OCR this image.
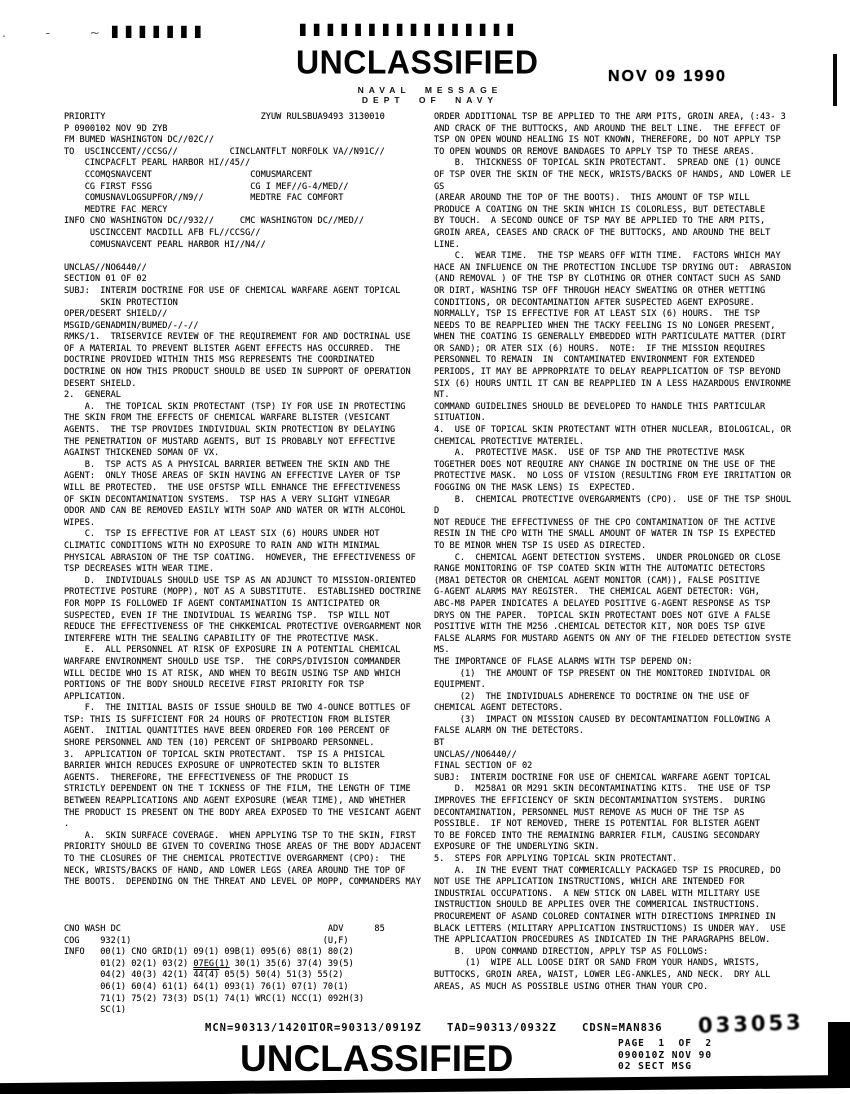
. - ~
█ █ █ █ █ █ █	█ █ █ █ █ █ █ █ █ █ █ █ █ █ █ █
UNCLASSIFIED
NAVAL MESSAGE
DEPT OF NAVY
NOV 09 1990
PRIORITY                              ZYUW RULSBUA9493 3130010
P 0900102 NOV 9D ZYB
FM BUMED WASHINGTON DC//02C//
TO  USCINCCENT//CCSG//          CINCLANTFLT NORFOLK VA//N91C//
CINCPACFLT PEARL HARBOR HI//45//
CCOMQSNAVCENT                   COMUSMARCENT
CG FIRST FSSG                   CG I MEF//G-4/MED//
COMUSNAVLOGSUPFOR//N9//         MEDTRE FAC COMFORT
MEDTRE FAC MERCY
INFO CNO WASHINGTON DC//932//     CMC WASHINGTON DC//MED//
USCINCCENT MACDILL AFB FL//CCSG//
COMUSNAVCENT PEARL HARBOR HI//N4//

UNCLAS//NO6440//
SECTION 01 OF 02
SUBJ:  INTERIM DOCTRINE FOR USE OF CHEMICAL WARFARE AGENT TOPICAL
SKIN PROTECTION
OPER/DESERT SHIELD//
MSGID/GENADMIN/BUMED/-/-//
RMKS/1.  TRISERVICE REVIEW OF THE REQUIREMENT FOR AND DOCTRINAL USE
OF A MATERIAL TO PREVENT BLISTER AGENT EFFECTS HAS OCCURRED.  THE
DOCTRINE PROVIDED WITHIN THIS MSG REPRESENTS THE COORDINATED
DOCTRINE ON HOW THIS PRODUCT SHOULD BE USED IN SUPPORT OF OPERATION
DESERT SHIELD.
2.  GENERAL
A.  THE TOPICAL SKIN PROTECTANT (TSP) IY FOR USE IN PROTECTING
THE SKIN FROM THE EFFECTS OF CHEMICAL WARFARE BLISTER (VESICANT
AGENTS.  THE TSP PROVIDES INDIVIDUAL SKIN PROTECTION BY DELAYING
THE PENETRATION OF MUSTARD AGENTS, BUT IS PROBABLY NOT EFFECTIVE
AGAINST THICKENED SOMAN OF VX.
B.  TSP ACTS AS A PHYSICAL BARRIER BETWEEN THE SKIN AND THE
AGENT:  ONLY THOSE AREAS OF SKIN HAVING AN EFFECTIVE LAYER OF TSP
WILL BE PROTECTED.  THE USE OFSTSP WILL ENHANCE THE EFFECTIVENESS
OF SKIN DECONTAMINATION SYSTEMS.  TSP HAS A VERY SLIGHT VINEGAR
ODOR AND CAN BE REMOVED EASILY WITH SOAP AND WATER OR WITH ALCOHOL
WIPES.
C.  TSP IS EFFECTIVE FOR AT LEAST SIX (6) HOURS UNDER HOT
CLIMATIC CONDITIONS WITH NO EXPOSURE TO RAIN AND WITH MINIMAL
PHYSICAL ABRASION OF THE TSP COATING.  HOWEVER, THE EFFECTIVENESS OF
TSP DECREASES WITH WEAR TIME.
D.  INDIVIDUALS SHOULD USE TSP AS AN ADJUNCT TO MISSION-ORIENTED
PROTECTIVE POSTURE (MOPP), NOT AS A SUBSTITUTE.  ESTABLISHED DOCTRINE
FOR MOPP IS FOLLOWED IF AGENT CONTAMINATION IS ANTICIPATED OR
SUSPECTED, EVEN IF THE INDIVIDUAL IS WEARING TSP.  TSP WILL NOT
REDUCE THE EFFECTIVENESS OF THE CHKKEMICAL PROTECTIVE OVERGARMENT NOR
INTERFERE WITH THE SEALING CAPABILITY OF THE PROTECTIVE MASK.
E.  ALL PERSONNEL AT RISK OF EXPOSURE IN A POTENTIAL CHEMICAL
WARFARE ENVIRONMENT SHOULD USE TSP.  THE CORPS/DIVISION COMMANDER
WILL DECIDE WHO IS AT RISK, AND WHEN TO BEGIN USING TSP AND WHICH
PORTIONS OF THE BODY SHOULD RECEIVE FIRST PRIORITY FOR TSP
APPLICATION.
F.  THE INITIAL BASIS OF ISSUE SHOULD BE TWO 4-OUNCE BOTTLES OF
TSP: THIS IS SUFFICIENT FOR 24 HOURS OF PROTECTION FROM BLISTER
AGENT.  INITIAL QUANTITIES HAVE BEEN ORDERED FOR 100 PERCENT OF
SHORE PERSONNEL AND TEN (10) PERCENT OF SHIPBOARD PERSONNEL.
3.  APPLICATION OF TOPICAL SKIN PROTECTANT.  TSP IS A PHISICAL
BARRIER WHICH REDUCES EXPOSURE OF UNPROTECTED SKIN TO BLISTER
AGENTS.  THEREFORE, THE EFFECTIVENESS OF THE PRODUCT IS
STRICTLY DEPENDENT ON THE T ICKNESS OF THE FILM, THE LENGTH OF TIME
BETWEEN REAPPLICATIONS AND AGENT EXPOSURE (WEAR TIME), AND WHETHER
THE PRODUCT IS PRESENT ON THE BODY AREA EXPOSED TO THE VESICANT AGENT
.
A.  SKIN SURFACE COVERAGE.  WHEN APPLYING TSP TO THE SKIN, FIRST
PRIORITY SHOULD BE GIVEN TO COVERING THOSE AREAS OF THE BODY ADJACENT
TO THE CLOSURES OF THE CHEMICAL PROTECTIVE OVERGARMENT (CPO):  THE
NECK, WRISTS/BACKS OF HAND, AND LOWER LEGS (AREA AROUND THE TOP OF
THE BOOTS.  DEPENDING ON THE THREAT AND LEVEL OP MOPP, COMMANDERS MAY
ORDER ADDITIONAL TSP BE APPLIED TO THE ARM PITS, GROIN AREA, (:43- 3
AND CRACK OF THE BUTTOCKS, AND AROUND THE BELT LINE.  THE EFFECT OF
TSP ON OPEN WOUND HEALING IS NOT KNOWN, THEREFORE, DO NOT APPLY TSP
TO OPEN WOUNDS OR REMOVE BANDAGES TO APPLY TSP TO THESE AREAS.
B.  THICKNESS OF TOPICAL SKIN PROTECTANT.  SPREAD ONE (1) OUNCE
OF TSP OVER THE SKIN OF THE NECK, WRISTS/BACKS OF HANDS, AND LOWER LE
GS
(AREAR AROUND THE TOP OF THE BOOTS).  THIS AMOUNT OF TSP WILL
PRODUCE A COATING ON THE SKIN WHICH IS COLORLESS, BUT DETECTABLE
BY TOUCH.  A SECOND OUNCE OF TSP MAY BE APPLIED TO THE ARM PITS,
GROIN AREA, CEASES AND CRACK OF THE BUTTOCKS, AND AROUND THE BELT
LINE.
C.  WEAR TIME.  THE TSP WEARS OFF WITH TIME.  FACTORS WHICH MAY
HACE AN INFLUENCE ON THE PROTECTION INCLUDE TSP DRYING OUT:  ABRASION
(AND REMOVAL ) OF THE TSP BY CLOTHING OR OTHER CONTACT SUCH AS SAND
OR DIRT, WASHING TSP OFF THROUGH HEACY SWEATING OR OTHER WETTING
CONDITIONS, OR DECONTAMINATION AFTER SUSPECTED AGENT EXPOSURE.
NORMALLY, TSP IS EFFECTIVE FOR AT LEAST SIX (6) HOURS.  THE TSP
NEEDS TO BE REAPPLIED WHEN THE TACKY FEELING IS NO LONGER PRESENT,
WHEN THE COATING IS GENERALLY EMBEDDED WITH PARTICULATE MATTER (DIRT
OR SAND); OR ATER SIX (6) HOURS.  NOTE:  IF THE MISSION REQUIRES
PERSONNEL TO REMAIN  IN  CONTAMINATED ENVIRONMENT FOR EXTENDED
PERIODS, IT MAY BE APPROPRIATE TO DELAY REAPPLICATION OF TSP BEYOND
SIX (6) HOURS UNTIL IT CAN BE REAPPLIED IN A LESS HAZARDOUS ENVIRONME
NT.
COMMAND GUIDELINES SHOULD BE DEVELOPED TO HANDLE THIS PARTICULAR
SITUATION.
4.  USE OF TOPICAL SKIN PROTECTANT WITH OTHER NUCLEAR, BIOLOGICAL, OR
CHEMICAL PROTECTIVE MATERIEL.
A.  PROTECTIVE MASK.  USE OF TSP AND THE PROTECTIVE MASK
TOGETHER DOES NOT REQUIRE ANY CHANGE IN DOCTRINE ON THE USE OF THE
PROTECTIVE MASK.  NO LOSS OF VISION (RESULTING FROM EYE IRRITATION OR
FOGGING ON THE MASK LENS) IS  EXPECTED.
B.  CHEMICAL PROTECTIVE OVERGARMENTS (CPO).  USE OF THE TSP SHOUL
D
NOT REDUCE THE EFFECTIVNESS OF THE CPO CONTAMINATION OF THE ACTIVE
RESIN IN THE CPO WITH THE SMALL AMOUNT OF WATER IN TSP IS EXPECTED
TO BE MINOR WHEN TSP IS USED AS DIRECTED.
C.  CHEMICAL AGENT DETECTION SYSTEMS.  UNDER PROLONGED OR CLOSE
RANGE MONITORING OF TSP COATED SKIN WITH THE AUTOMATIC DETECTORS
(M8A1 DETECTOR OR CHEMICAL AGENT MONITOR (CAM)), FALSE POSITIVE
G-AGENT ALARMS MAY REGISTER.  THE CHEMICAL AGENT DETECTOR: VGH,
ABC-M8 PAPER INDICATES A DELAYED POSITIVE G-AGENT RESPONSE AS TSP
DRYS ON THE PAPER.  TOPICAL SKIN PROTECTANT DOES NOT GIVE A FALSE
POSITIVE WITH THE M256 .CHEMICAL DETECTOR KIT, NOR DOES TSP GIVE
FALSE ALARMS FOR MUSTARD AGENTS ON ANY OF THE FIELDED DETECTION SYSTE
MS.
THE IMPORTANCE OF FLASE ALARMS WITH TSP DEPEND ON:
(1)  THE AMOUNT OF TSP PRESENT ON THE MONITORED INDIVIDAL OR
EQUIPMENT.
(2)  THE INDIVIDUALS ADHERENCE TO DOCTRINE ON THE USE OF
CHEMICAL AGENT DETECTORS.
(3)  IMPACT ON MISSION CAUSED BY DECONTAMINATION FOLLOWING A
FALSE ALARM ON THE DETECTORS.
BT
UNCLAS//NO6440//
FINAL SECTION OF 02
SUBJ:  INTERIM DOCTRINE FOR USE OF CHEMICAL WARFARE AGENT TOPICAL
D.  M258A1 OR M291 SKIN DECONTAMINATING KITS.  THE USE OF TSP
IMPROVES THE EFFICIENCY OF SKIN DECONTAMINATION SYSTEMS.  DURING
DECONTAMINATION, PERSONNEL MUST REMOVE AS MUCH OF THE TSP AS
POSSIBLE.  IF NOT REMOVED, THERE IS POTENTIAL FOR BLISTER AGENT
TO BE FORCED INTO THE REMAINING BARRIER FILM, CAUSING SECONDARY
EXPOSURE OF THE UNDERLYING SKIN.
5.  STEPS FOR APPLYING TOPICAL SKIN PROTECTANT.
A.  IN THE EVENT THAT COMMERICALLY PACKAGED TSP IS PROCURED, DO
NOT USE THE APPLICATION INSTRUCTIONS, WHICH ARE INTENDED FOR
INDUSTRIAL OCCUPATIONS.  A NEW STICK ON LABEL WITH MILITARY USE
INSTRUCTION SHOULD BE APPLIES OVER THE COMMERICAL INSTRUCTIONS.
PROCUREMENT OF ASAND COLORED CONTAINER WITH DIRECTIONS IMPRINED IN
BLACK LETTERS (MILITARY APPLICATION INSTRUCTIONS) IS UNDER WAY.  USE
THE APPLICAATION PROCEDURES AS INDICATED IN THE PARAGRAPHS BELOW.
B.  UPON COMMAND DIRECTION, APPLY TSP AS FOLLOWS:
(1)  WIPE ALL LOOSE DIRT OR SAND FROM YOUR HANDS, WRISTS,
BUTTOCKS, GROIN AREA, WAIST, LOWER LEG-ANKLES, AND NECK.  DRY ALL
AREAS, AS MUCH AS POSSIBLE USING OTHER THAN YOUR CPO.
CNO WASH DC                                        ADV      85
COG    932(1)                                     (U,F)
INFO   00(1) CNO GRID(1) 09(1) 09B(1) 095(6) 08(1) 80(2)
01(2) 02(1) 03(2) 07EG(1) 30(1) 35(6) 37(4) 39(5)
04(2) 40(3) 42(1) 44(4) 05(5) 50(4) 51(3) 55(2)
06(1) 60(4) 61(1) 64(1) 093(1) 76(1) 07(1) 70(1)
71(1) 75(2) 73(3) DS(1) 74(1) WRC(1) NCC(1) 092H(3)
SC(1)
MCN=90313/14201
TOR=90313/0919Z TAD=90313/0932Z CDSN=MAN836 033053
UNCLASSIFIED	PAGE  1  OF  2
090010Z NOV 90
02 SECT MSG
